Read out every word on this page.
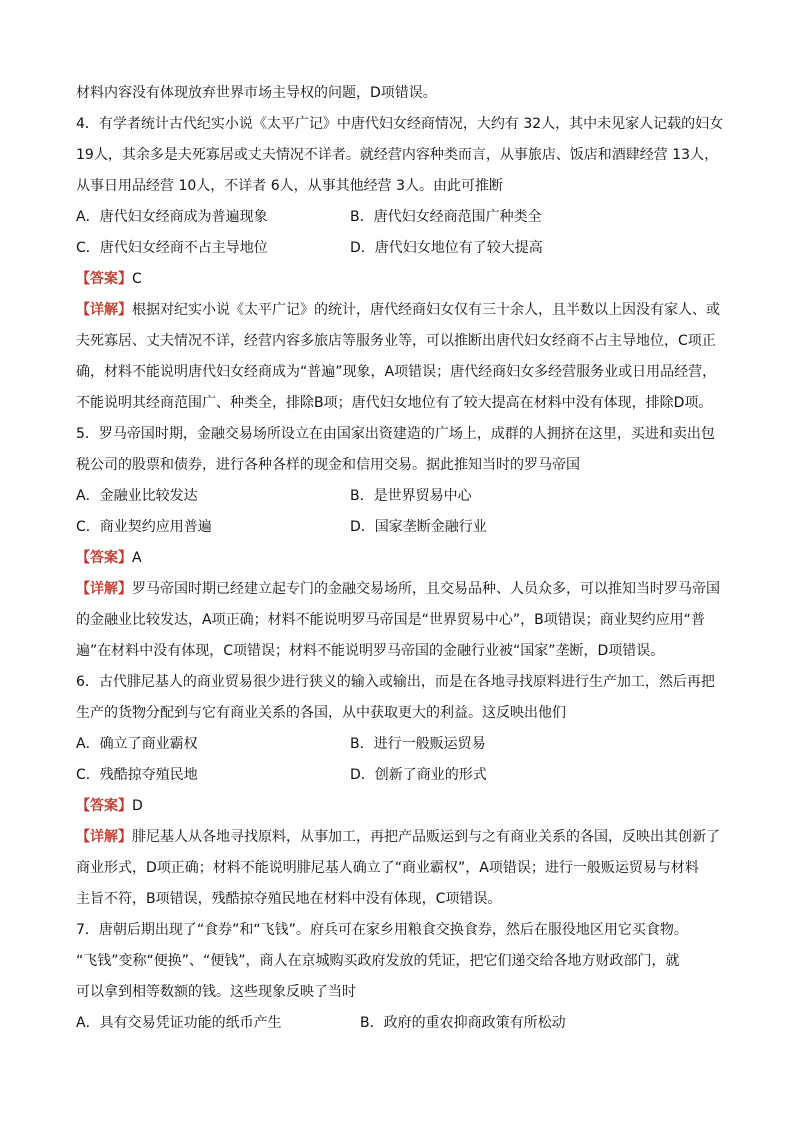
材料内容没有体现放弃世界市场主导权的问题，D项错误。
4．有学者统计古代纪实小说《太平广记》中唐代妇女经商情况，大约有 32人，其中未见家人记载的妇女
19人，其余多是夫死寡居或丈夫情况不详者。就经营内容种类而言，从事旅店、饭店和酒肆经营 13人，
从事日用品经营 10人，不详者 6人，从事其他经营 3人。由此可推断
A．唐代妇女经商成为普遍现象	B．唐代妇女经商范围广种类全
C．唐代妇女经商不占主导地位	D．唐代妇女地位有了较大提高
【答案】C
【详解】根据对纪实小说《太平广记》的统计，唐代经商妇女仅有三十余人，且半数以上因没有家人、或
夫死寡居、丈夫情况不详，经营内容多旅店等服务业等，可以推断出唐代妇女经商不占主导地位，C项正
确，材料不能说明唐代妇女经商成为“普遍”现象，A项错误；唐代经商妇女多经营服务业或日用品经营，
不能说明其经商范围广、种类全，排除B项；唐代妇女地位有了较大提高在材料中没有体现，排除D项。
5．罗马帝国时期，金融交易场所设立在由国家出资建造的广场上，成群的人拥挤在这里，买进和卖出包
税公司的股票和债券，进行各种各样的现金和信用交易。据此推知当时的罗马帝国
A．金融业比较发达	B．是世界贸易中心
C．商业契约应用普遍	D．国家垄断金融行业
【答案】A
【详解】罗马帝国时期已经建立起专门的金融交易场所，且交易品种、人员众多，可以推知当时罗马帝国
的金融业比较发达，A项正确；材料不能说明罗马帝国是“世界贸易中心”，B项错误；商业契约应用“普
遍”在材料中没有体现，C项错误；材料不能说明罗马帝国的金融行业被“国家”垄断，D项错误。
6．古代腓尼基人的商业贸易很少进行狭义的输入或输出，而是在各地寻找原料进行生产加工，然后再把
生产的货物分配到与它有商业关系的各国，从中获取更大的利益。这反映出他们
A．确立了商业霸权	B．进行一般贩运贸易
C．残酷掠夺殖民地	D．创新了商业的形式
【答案】D
【详解】腓尼基人从各地寻找原料，从事加工，再把产品贩运到与之有商业关系的各国，反映出其创新了
商业形式，D项正确；材料不能说明腓尼基人确立了“商业霸权”，A项错误；进行一般贩运贸易与材料
主旨不符，B项错误，残酷掠夺殖民地在材料中没有体现，C项错误。
7．唐朝后期出现了“食券”和“飞钱”。府兵可在家乡用粮食交换食券，然后在服役地区用它买食物。
“飞钱”变称“便换”、“便钱”，商人在京城购买政府发放的凭证，把它们递交给各地方财政部门，就
可以拿到相等数额的钱。这些现象反映了当时
A．具有交易凭证功能的纸币产生	B．政府的重农抑商政策有所松动
